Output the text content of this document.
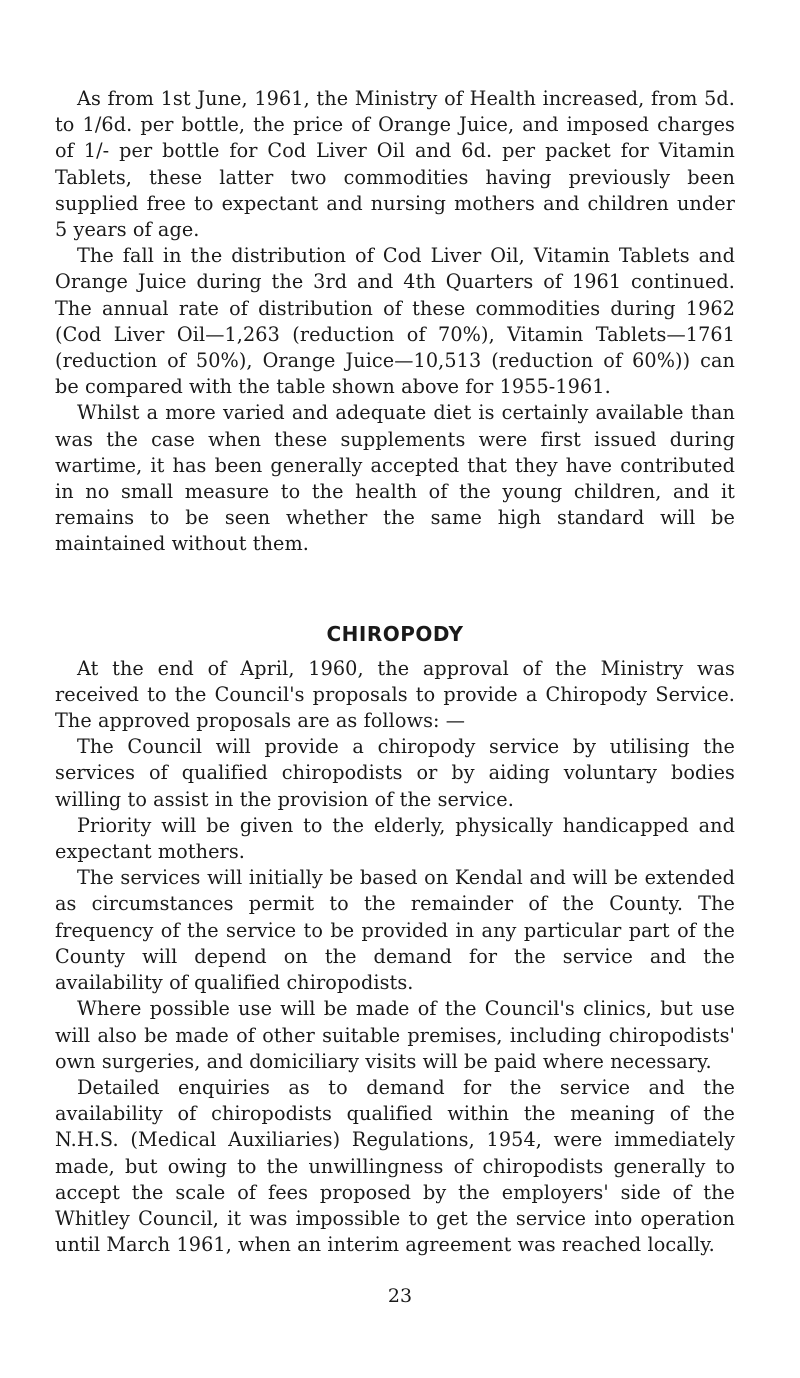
As from 1st June, 1961, the Ministry of Health increased, from 5d. to 1/6d. per bottle, the price of Orange Juice, and imposed charges of 1/- per bottle for Cod Liver Oil and 6d. per packet for Vitamin Tablets, these latter two commodities having previously been supplied free to expectant and nursing mothers and children under 5 years of age.

The fall in the distribution of Cod Liver Oil, Vitamin Tablets and Orange Juice during the 3rd and 4th Quarters of 1961 continued. The annual rate of distribution of these commodities during 1962 (Cod Liver Oil—1,263 (reduction of 70%), Vitamin Tablets—1761 (reduction of 50%), Orange Juice—10,513 (reduction of 60%)) can be compared with the table shown above for 1955-1961.

Whilst a more varied and adequate diet is certainly available than was the case when these supplements were first issued during wartime, it has been generally accepted that they have contributed in no small measure to the health of the young children, and it remains to be seen whether the same high standard will be maintained without them.

CHIROPODY

At the end of April, 1960, the approval of the Ministry was received to the Council's proposals to provide a Chiropody Service. The approved proposals are as follows: —

The Council will provide a chiropody service by utilising the services of qualified chiropodists or by aiding voluntary bodies willing to assist in the provision of the service.

Priority will be given to the elderly, physically handicapped and expectant mothers.

The services will initially be based on Kendal and will be extended as circumstances permit to the remainder of the County. The frequency of the service to be provided in any particular part of the County will depend on the demand for the service and the availability of qualified chiropodists.

Where possible use will be made of the Council's clinics, but use will also be made of other suitable premises, including chiropodists' own surgeries, and domiciliary visits will be paid where necessary.

Detailed enquiries as to demand for the service and the availability of chiropodists qualified within the meaning of the N.H.S. (Medical Auxiliaries) Regulations, 1954, were immediately made, but owing to the unwillingness of chiropodists generally to accept the scale of fees proposed by the employers' side of the Whitley Council, it was impossible to get the service into operation until March 1961, when an interim agreement was reached locally.

23
